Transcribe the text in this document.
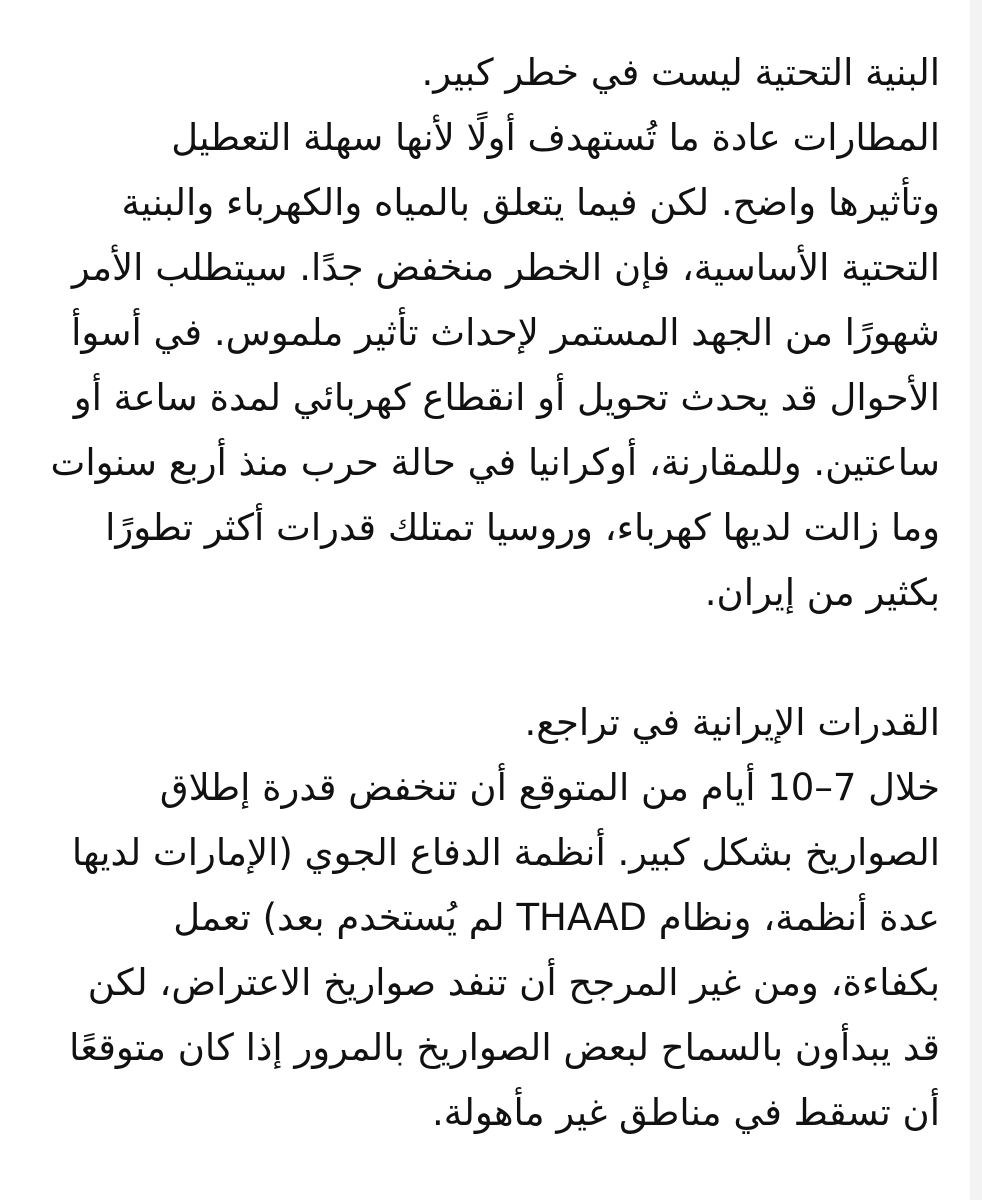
البنية التحتية ليست في خطر كبير.
المطارات عادة ما تُستهدف أولًا لأنها سهلة التعطيل
وتأثيرها واضح. لكن فيما يتعلق بالمياه والكهرباء والبنية
التحتية الأساسية، فإن الخطر منخفض جدًا. سيتطلب الأمر
شهورًا من الجهد المستمر لإحداث تأثير ملموس. في أسوأ
الأحوال قد يحدث تحويل أو انقطاع كهربائي لمدة ساعة أو
ساعتين. وللمقارنة، أوكرانيا في حالة حرب منذ أربع سنوات
وما زالت لديها كهرباء، وروسيا تمتلك قدرات أكثر تطورًا
بكثير من إيران.
القدرات الإيرانية في تراجع.
خلال 7–10 أيام من المتوقع أن تنخفض قدرة إطلاق
الصواريخ بشكل كبير. أنظمة الدفاع الجوي (الإمارات لديها
عدة أنظمة، ونظام THAAD لم يُستخدم بعد) تعمل
بكفاءة، ومن غير المرجح أن تنفد صواريخ الاعتراض، لكن
قد يبدأون بالسماح لبعض الصواريخ بالمرور إذا كان متوقعًا
أن تسقط في مناطق غير مأهولة.
